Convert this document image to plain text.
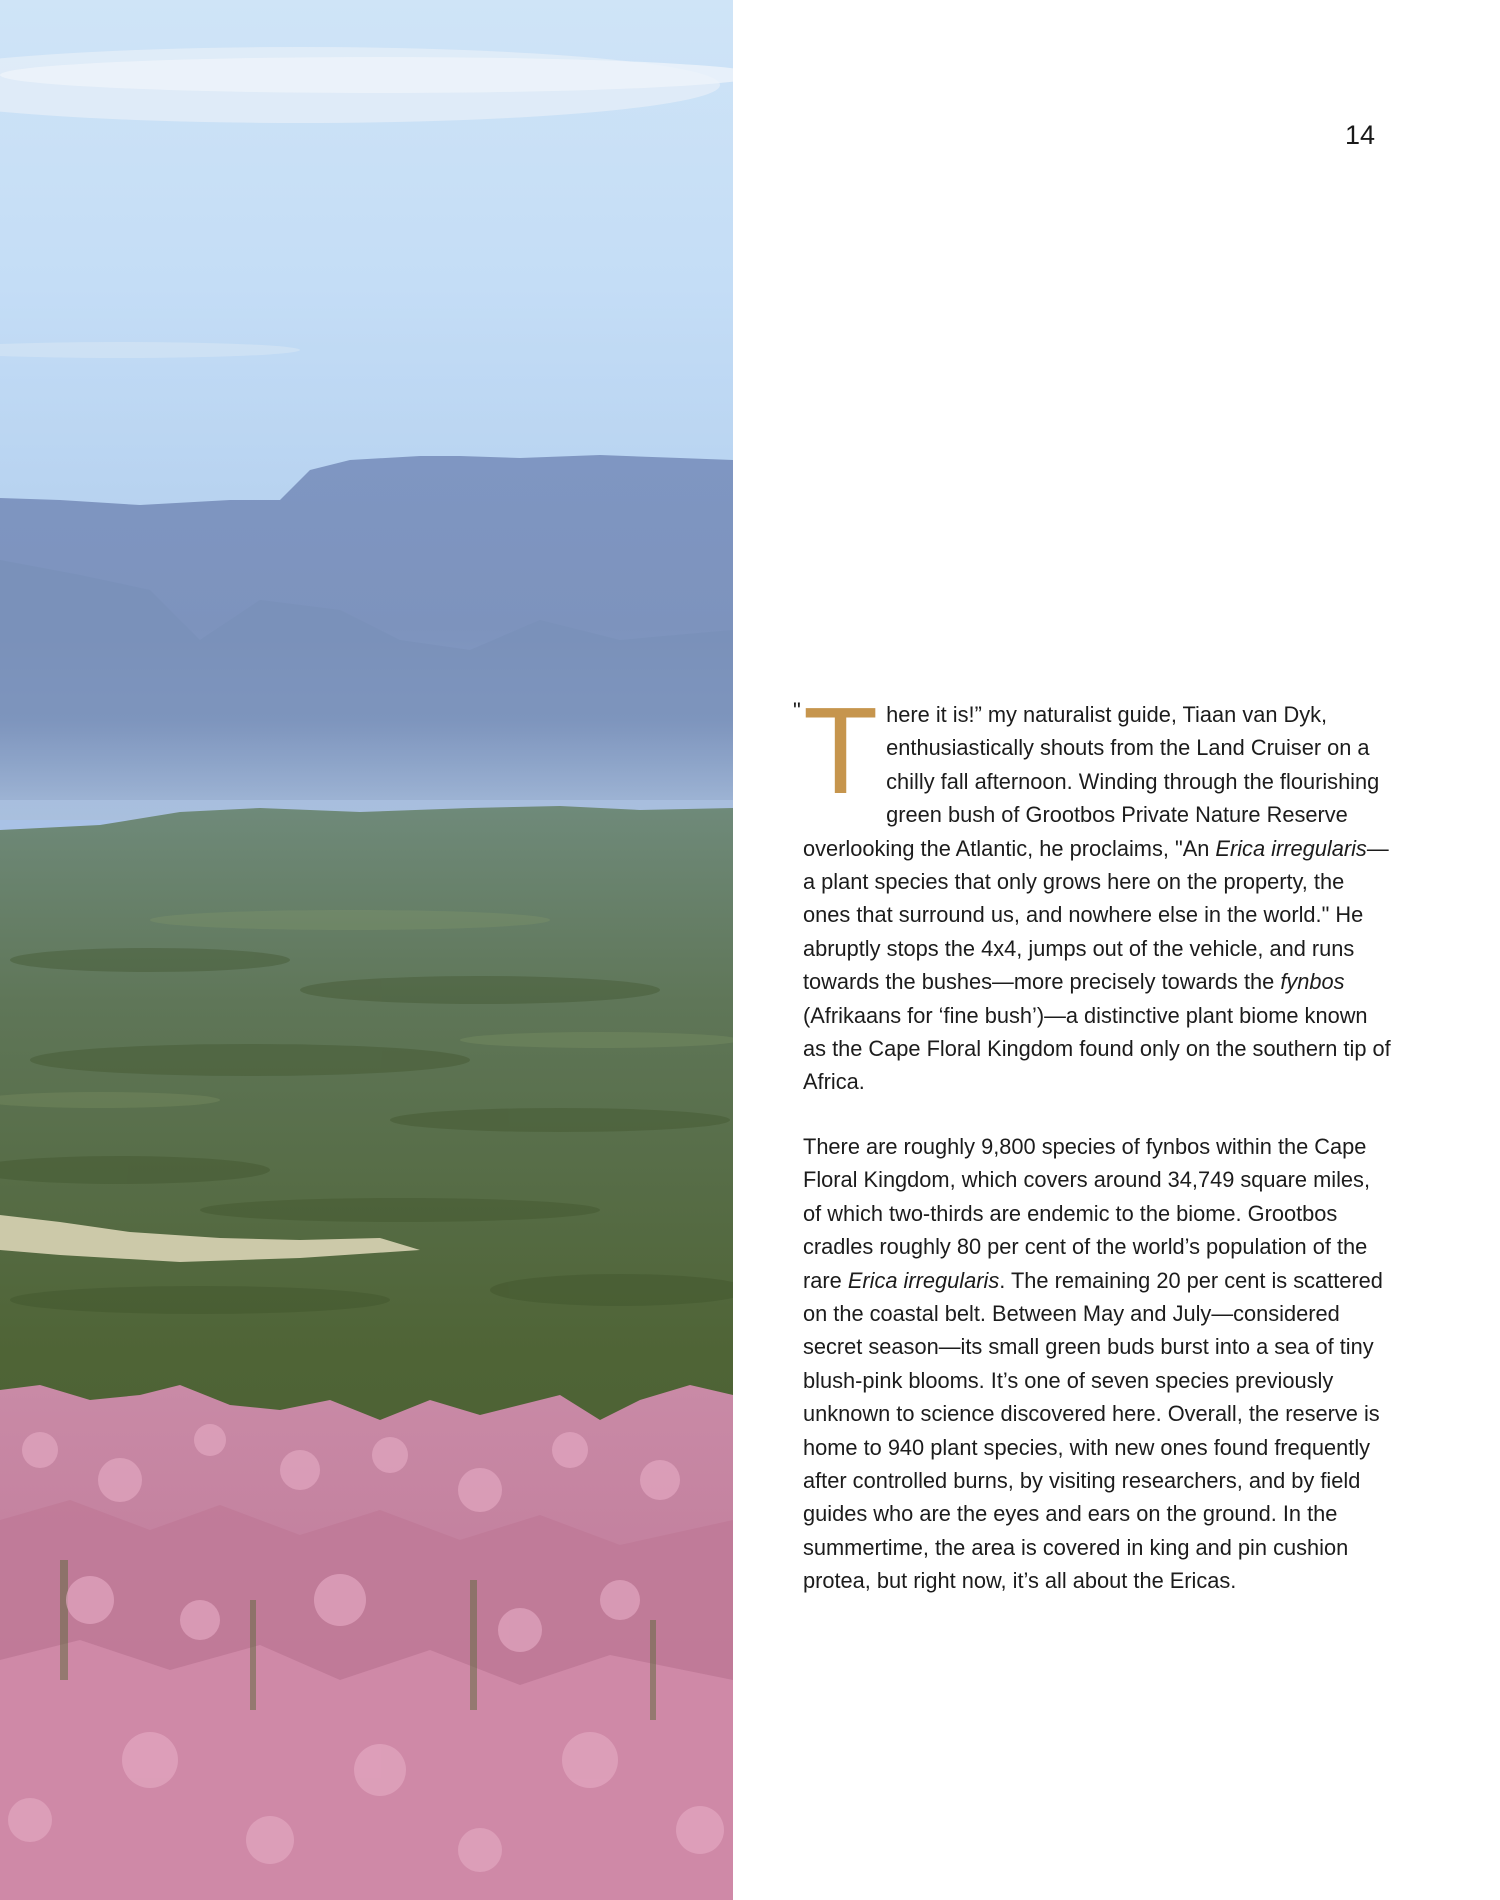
14
" There it is!” my naturalist guide, Tiaan van Dyk, enthusiastically shouts from the Land Cruiser on a chilly fall afternoon. Winding through the flourishing green bush of Grootbos Private Nature Reserve overlooking the Atlantic, he proclaims, "An Erica irregularis—a plant species that only grows here on the property, the ones that surround us, and nowhere else in the world." He abruptly stops the 4x4, jumps out of the vehicle, and runs towards the bushes—more precisely towards the fynbos (Afrikaans for ‘fine bush’)—a distinctive plant biome known as the Cape Floral Kingdom found only on the southern tip of Africa.

There are roughly 9,800 species of fynbos within the Cape Floral Kingdom, which covers around 34,749 square miles, of which two-thirds are endemic to the biome. Grootbos cradles roughly 80 per cent of the world’s population of the rare Erica irregularis. The remaining 20 per cent is scattered on the coastal belt. Between May and July—considered secret season—its small green buds burst into a sea of tiny blush-pink blooms. It’s one of seven species previously unknown to science discovered here. Overall, the reserve is home to 940 plant species, with new ones found frequently after controlled burns, by visiting researchers, and by field guides who are the eyes and ears on the ground. In the summertime, the area is covered in king and pin cushion protea, but right now, it’s all about the Ericas.
